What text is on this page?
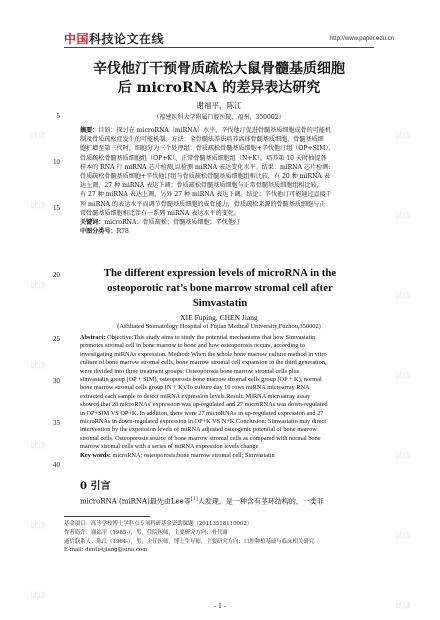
中国科技论文在线	http://www.paper.edu.cn
试读	试读
试读
试读
试读
试读
试读
试读
试读
试读
试读
试读
试读
试读
辛伐他汀干预骨质疏松大鼠骨髓基质细胞
后 microRNA 的差异表达研究
谢福平，陈江
（福建医科大学附属口腔医院，福州，350002）
5
10
15
20
25
30
35
40
摘要：目的：探讨在 microRNA（miRNA）水平，辛伐他汀促进骨髓基质细胞成骨的可能机
制及骨质疏松症发生的可能机制。方法：全骨髓法养法培养离体骨髓基质细胞，骨髓基质细
胞扩增至第三代时，细胞分为三个处理组：骨质疏松骨髓基质细胞+辛伐他汀组（OP+SIM）、
骨质疏松骨髓基质细胞组（OP+K）、正常骨髓基质细胞组（N+K）。培养第 10 天时抽提各
样本的 RNA 行 miRNA 芯片检测,以检测 miRNA 表达变化水平。结果：miRNA 芯片检测:
骨质疏松骨髓基质细胞+辛伐他汀组与骨质疏松骨髓基质细胞组相比较，有 20 种 miRNA 表
达上调，27 种 miRNA 表达下调；骨质疏松骨髓基质细胞与正常骨髓基质细胞组相比较，
有 27 种 miRNA 表达上调，另外 27 种 miRNA 表达下调。结论：辛伐他汀可能通过直接干
预 miRNA 的表达水平而调节骨髓基质细胞的成骨能力，骨质疏松来源的骨髓基质细胞与正
常骨髓基质细胞相比伴有一系列 miRNA 表达水平的变化。
关键词：microRNA；骨质疏松；骨髓基质细胞；辛伐他汀
中图分类号：R78
The different expression levels of microRNA in the
osteoporotic rat’s bone marrow stromal cell after
Simvastatin
XIE Fuping, CHEN Jiang
(Affiliated Stomatology Hospital of Fujian Medical University,Fuzhou,350002)
Abstract: Objective:This study aims to study the potential mechanisms that how Simvastatin
promotes stromal cell in bone marrow to bone and how osteoporosis occurs, according to
investigating miRNAs expression. Method: When the whole bone marrow culture method in vitro
culture of bone marrow stromal cells, bone marrow stromal cell expansion to the third generation,
were divided into three treatment groups: Osteoporosis bone marrow stromal cells plus
simvastatin group (OP + SIM), osteoporosis bone marrow stromal cells group (OP + K), normal
bone marrow stromal cells group (N + K).To culture day 10 rows miRNA microarray RNA
extracted each sample to detect miRNA expression levels.Result: MiRNA microarray assay
showed that 20 microRNAs' expression was up-regulated and 27 microRNAs was down-regulated
in OP+SIM VS OP+K. In addition, there were 27 microRNAs in up-regulated expression and 27
microRNAs in down-regulated expression in OP+K VS N+K.Conclusion: Simvastatin may direct
intervention by the expression levels of miRNA adjusted osteogenic potential of bone marrow
stromal cells. Osteoporosis source of bone marrow stromal cells as compared with normal bone
marrow stromal cells with a series of miRNA expression levels change
Key words: microRNA; osteoporosis;bone marrow stromal cell; Simvastatin
0 引言
microRNA (miRNA)最先由Lee等[1]人发现，是一种含有茎环结构的，一类非
基金项目：高等学校博士学科点专项科研基金资助课题（20113518110002）
作者简介：谢福平（1985-），男，住院医师，主要研究方向：骨代谢
通信联系人：陈江（1964-），男，主任医师，博士生导师，主要研究方向：口腔种植基础与临床相关研究.
E-mail: dentistjiang@sina.com
- 1 -
